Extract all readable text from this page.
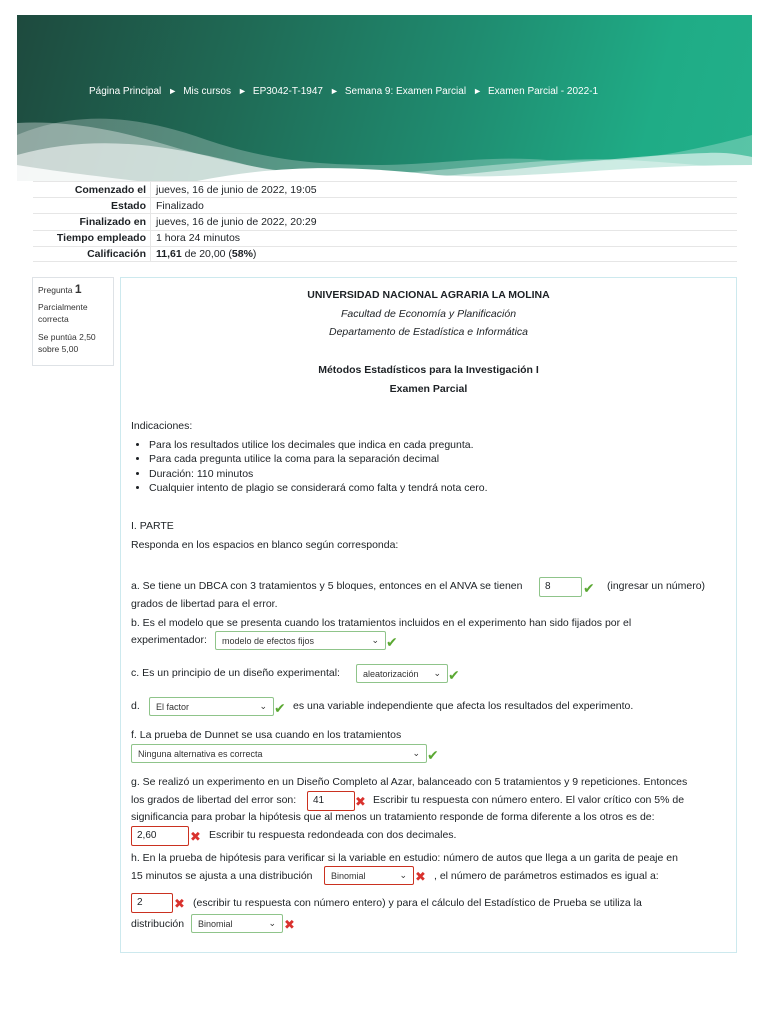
Página Principal ► Mis cursos ► EP3042-T-1947 ► Semana 9: Examen Parcial ► Examen Parcial - 2022-1
Comenzado el jueves, 16 de junio de 2022, 19:05
Estado Finalizado
Finalizado en jueves, 16 de junio de 2022, 20:29
Tiempo empleado 1 hora 24 minutos
Calificación 11,61 de 20,00 ( 58% )
Pregunta 1

Parcialmente correcta

Se puntúa 2,50
sobre 5,00

UNIVERSIDAD NACIONAL AGRARIA LA MOLINA
Facultad de Economía y Planificación
Departamento de Estadística e Informática
Métodos Estadísticos para la Investigación I
Examen Parcial
Indicaciones:
• Para los resultados utilice los decimales que indica en cada pregunta.
• Para cada pregunta utilice la coma para la separación decimal
• Duración: 110 minutos
• Cualquier intento de plagio se considerará como falta y tendrá nota cero.
I. PARTE
Responda en los espacios en blanco según corresponda:
a. Se tiene un DBCA con 3 tratamientos y 5 bloques, entonces en el ANVA se tienen	8	✔ (ingresar un número)
grados de libertad para el error.
b. Es el modelo que se presenta cuando los tratamientos incluidos en el experimento han sido fijados por el
experimentador: modelo de efectos fijos	⌄ ✔
c. Es un principio de un diseño experimental:	aleatorización ⌄ ✔
d. El factor	⌄ ✔ es una variable independiente que afecta los resultados del experimento.
f. La prueba de Dunnet se usa cuando en los tratamientos
Ninguna alternativa es correcta	⌄ ✔
g. Se realizó un experimento en un Diseño Completo al Azar, balanceado con 5 tratamientos y 9 repeticiones. Entonces
los grados de libertad del error son:	41	✖ Escribir tu respuesta con número entero. El valor crítico con 5% de
significancia para probar la hipótesis que al menos un tratamiento responde de forma diferente a los otros es de:
2,60	✖ Escribir tu respuesta redondeada con dos decimales.
h. En la prueba de hipótesis para verificar si la variable en estudio: número de autos que llega a un garita de peaje en
15 minutos se ajusta a una distribución Binomial	⌄ ✖ , el número de parámetros estimados es igual a:
2	✖ (escribir tu respuesta con número entero) y para el cálculo del Estadístico de Prueba se utiliza la
distribución Binomial	⌄ ✖
